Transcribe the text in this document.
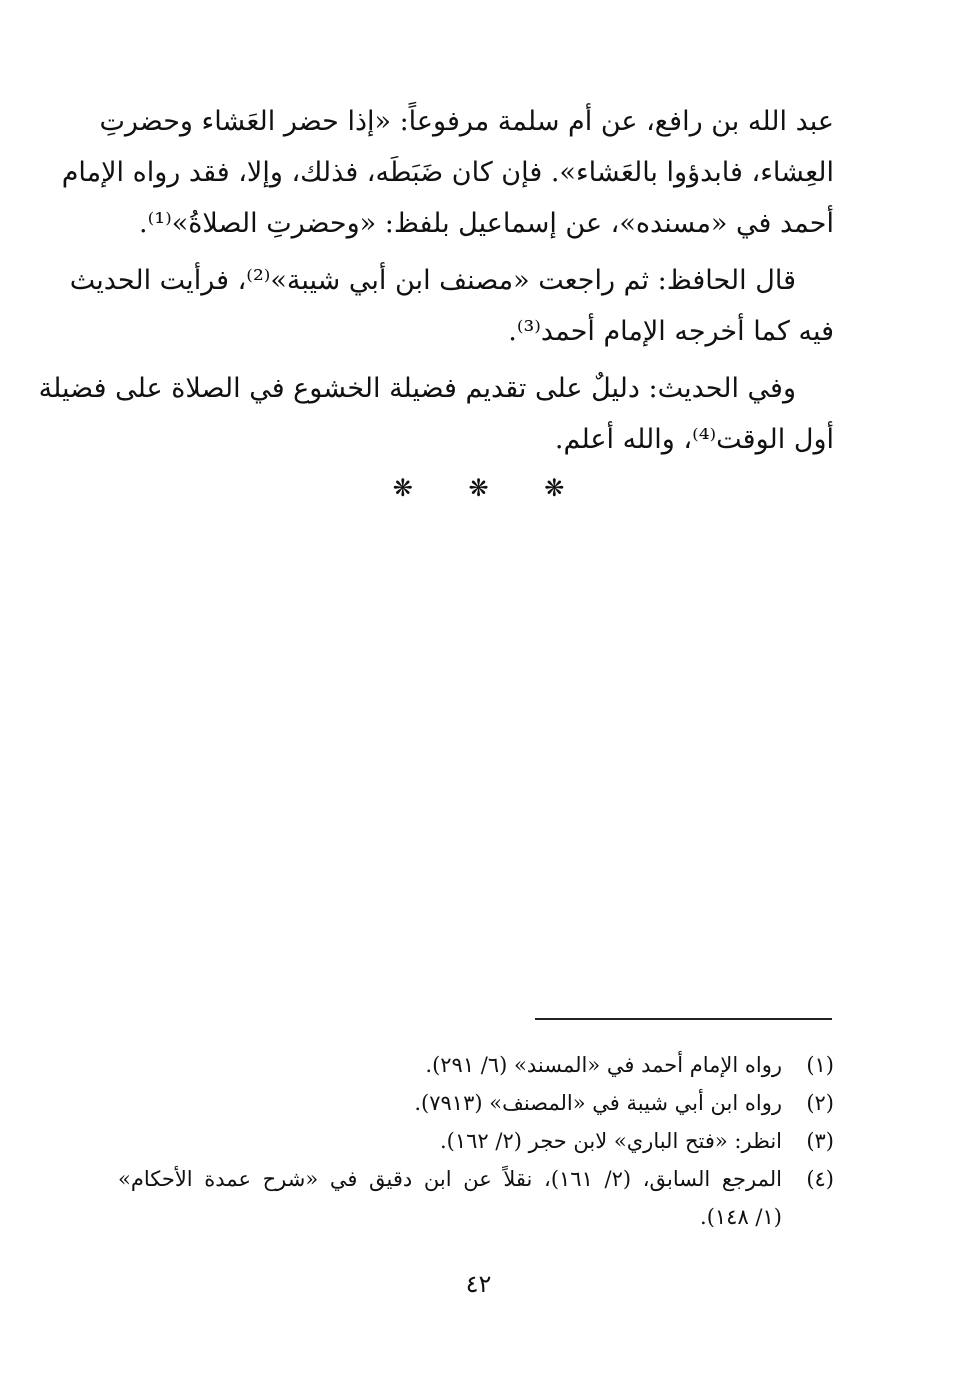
عبد الله بن رافع، عن أم سلمة مرفوعاً: «إذا حضر العَشاء وحضرتِ
العِشاء، فابدؤوا بالعَشاء». فإن كان ضَبَطَه، فذلك، وإلا، فقد رواه الإمام
أحمد في «مسنده»، عن إسماعيل بلفظ: «وحضرتِ الصلاةُ»⁽¹⁾.

قال الحافظ: ثم راجعت «مصنف ابن أبي شيبة»⁽²⁾، فرأيت الحديث
فيه كما أخرجه الإمام أحمد⁽³⁾.

وفي الحديث: دليلٌ على تقديم فضيلة الخشوع في الصلاة على فضيلة
أول الوقت⁽⁴⁾، والله أعلم.

❋ ❋ ❋
(١)
رواه الإمام أحمد في «المسند» (٦/ ٢٩١).
(٢)
رواه ابن أبي شيبة في «المصنف» (٧٩١٣).
(٣)
انظر: «فتح الباري» لابن حجر (٢/ ١٦٢).
(٤)
المرجع السابق، (٢/ ١٦١)، نقلاً عن ابن دقيق في «شرح عمدة الأحكام»
(١/ ١٤٨).
٤٢
